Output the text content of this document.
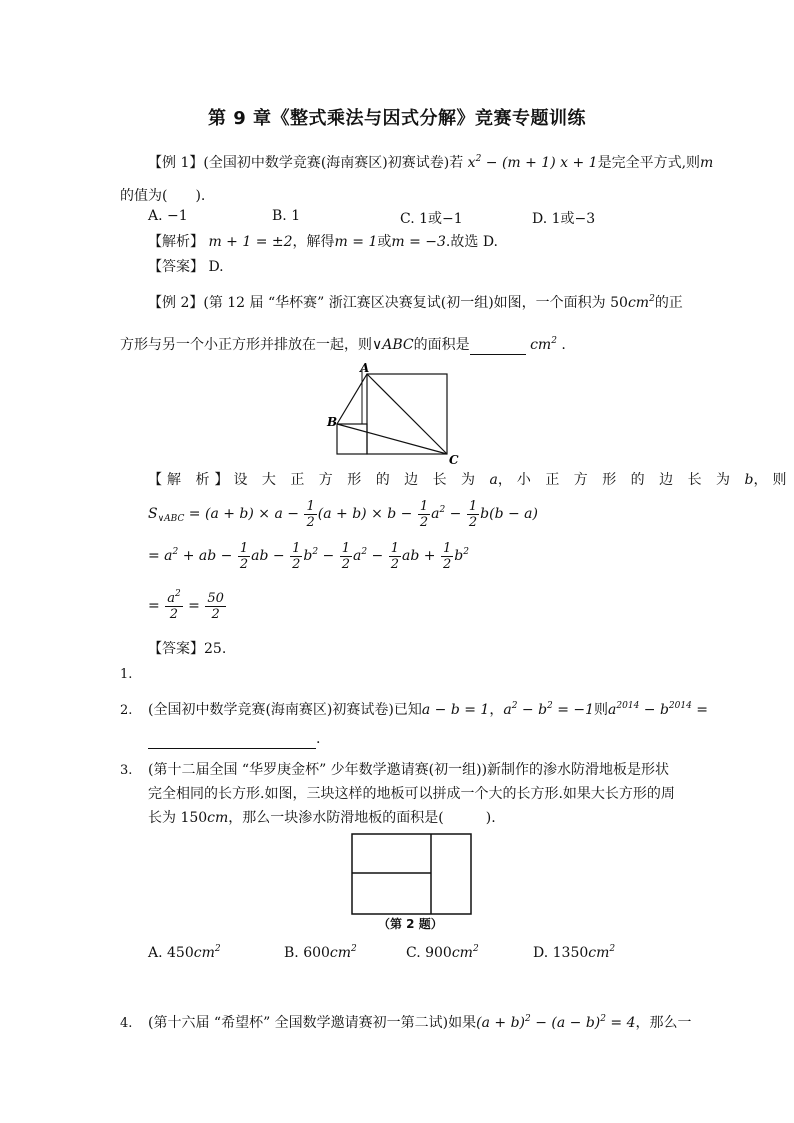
第 9 章《整式乘法与因式分解》竞赛专题训练
【例 1】(全国初中数学竞赛(海南赛区)初赛试卷)若 $x^2 - (m + 1) x + 1$是完全平方式,则m
的值为(　　).
A. −1	B. 1	C. 1或−1	D. 1或−3
【解析】 m + 1 = ±2，解得m = 1或m = −3.故选 D.
【答案】 D.
【例 2】(第 12 届 “华杯赛” 浙江赛区决赛复试(初一组)如图，一个面积为 $50cm^2$的正
方形与另一个小正方形并排放在一起，则∨ABC的面积是	$cm^2$ .
A
B
C
【解 析】设 大 正 方 形 的 边 长 为 a，小 正 方 形 的 边 长 为 b，则
$S_{\vee ABC} = (a + b) \times a - \frac{1}{2} (a + b) \times b - \frac{1}{2} a^2 - \frac{1}{2} b(b - a)$
= $a^2$ + ab − $\frac{1}{2}$ ab − $\frac{1}{2} b^2 - \frac{1}{2} a^2 - \frac{1}{2}$ ab + $\frac{1}{2} b^2$
= $\frac{a^2}{2} = \frac{50}{2}$
【答案】25.
1.
2. (全国初中数学竞赛(海南赛区)初赛试卷)已知a − b = 1，$a^2 - b^2 = -1$则$a^{2014} - b^{2014}$ =
.
3. (第十二届全国 “华罗庚金杯” 少年数学邀请赛(初一组))新制作的渗水防滑地板是形状
完全相同的长方形.如图，三块这样的地板可以拼成一个大的长方形.如果大长方形的周
长为 150cm，那么一块渗水防滑地板的面积是(　　　).
（第 2 题）
A. $450cm^2$	B. $600cm^2$	C. $900cm^2$	D. $1350cm^2$
4. (第十六届 “希望杯” 全国数学邀请赛初一第二试)如果$(a + b)^2 - (a - b)^2 = 4$，那么一
